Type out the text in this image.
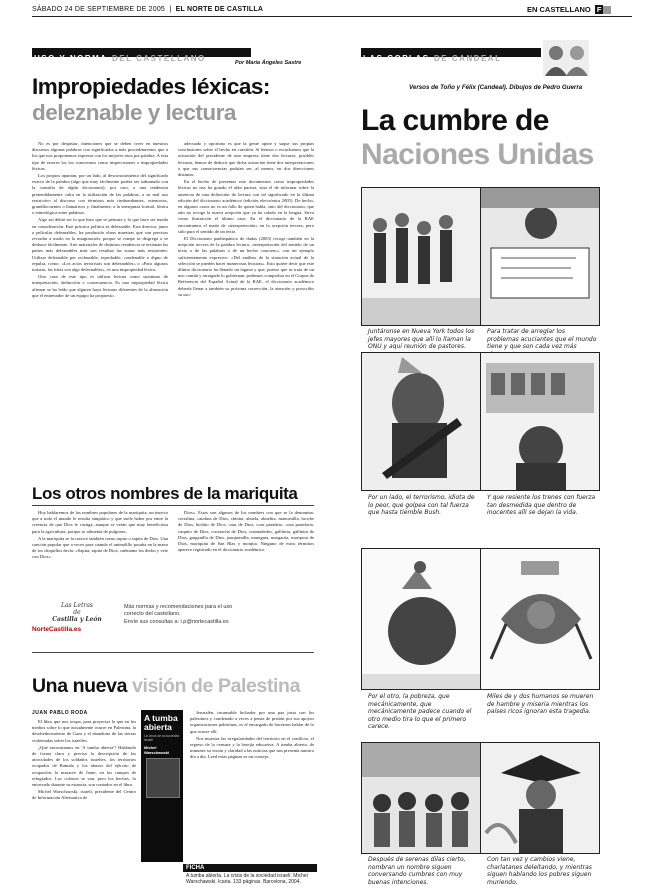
SÁBADO 24 DE SEPTIEMBRE DE 2005  |  EL NORTE DE CASTILLA	EN CASTELLANO F
USO Y NORMA DEL CASTELLANO	Por María Ángeles Sastre
Impropiedades léxicas:
deleznable y lectura

No es por despistar, intenciones que se deben creer en nuestros discursos algunas palabras con significados a más procedimientos que a los que nos proponemos expresar con los mejores usos por palabra. A esta tipo de errores los los conocemos como imprecisiones o impropiedades léxicas.

Los propios apuntan, por un lado, al desconocimiento del significado exacto de la palabra (algo que muy fácilmente podría ser subsanado con la consulta de algún diccionario); por otro, a una tendencia pretendidamente culta en la utilización de las palabras, a su mal uso restrictivo al discurso con términos más rimbombantes, ostentosos, grandilocuentes o llamativos y, finalmente, a la semejanza formal, fónica o etimológica entre palabras.

Algo así debió ser lo que hizo que se pensara y lo que hace ser tenida en consideración. Este práctica política es deleznable. Este director, junto a películas deleznables, ha producido obras maestras que son precisas recordar a modo en la imaginación, porque se rompe se disgrega o se deshace fácilmente. Arte materiales de distintos residencia se ersionan las partes más deleznables más son resultan las zonas más resistentes. Utilizar deleznable por rechazable, reprobable, condenable o digno de repulsa, como: «Los actos terroristas son deleznables» o «Para algunos turistas, las fritas son algo deleznables», es una impropiedad léxica.

Otro caso de este tipo es utilizar lectura como sinónimo de interpretación, deducción o consecuencia. Es una impropiedad léxica afirmar se ha leído que alguien haya lecturas diferentes de la alineación que el entrenador de un equipo ha propuesto.

adecuado y oportuno es que la gente opine y saque sus propias conclusiones sobre el hecho en cuestión. Si leemos o escuchamos que la actuación del presidente de una empresa tiene dos lecturas, posibles lecturas, hemos de deducir que dicha actuación tiene dos interpretaciones o que sus consecuencias podrían ser, al menos, en dos direcciones distintas.

En el hecho de presentar este documentos como impropiedades léxicas no nos ha guiado el afán purista, sino el de informar sobre la ausencia de una definición de lectura con tal significado en la última edición del diccionario académico (edición electrónica 2005). De hecho, en algunos casos no es un fallo de quien habla, sino del diccionario, que aún no recoge la nueva acepción que ya ha calado en la lengua. Sirva como ilustración el último caso: En el diccionario de la RAE encontramos el matiz de «interpretación» en la acepción tercera, pero sólo para el sentido de un texto.

El Diccionario panhispánico de dudas (2005) recoge también en la acepción tercera de la palabra lectura, «interpretación del sentido de un texto o de las palabras o de un hecho concreto», con un ejemplo suficientemente expresivo: «Del análisis de la situación actual de la selección se pueden hacer numerosas lecturas». Esto quiere decir que este último diccionario ha llenado un laguna y que, puesto que se trata de un uso común y arraigado lo gobiernan, podemos comprobar en el Corpus de Referencia del Español Actual de la RAE, el diccionario académico debería llenar a también su próxima corrección, la atención y proscribir su uso.

Los otros nombres de la mariquita

Hoy hablaremos de los nombres populares de la mariquita, un insecto que a todo el mundo le resulta simpático y que suele haber por entre la creencia de que Dios le castiga, aunque se verán que muy beneficiosa para la agricultura, porque se alimenta de pulgones.

A la mariquita se la conoce también como sapito o sapita de Dios. Una canción popular que a veces para cuando el animalillo posaba en la mano de los chiquillos decía: «Sapita, sapita de Dios, cuéntame los dedos y vete con Dios».

Dios». Estos son algunos de los nombres con que se la denomina: corralina, catalina de Dios, chinita, abuela, abuelita, mancanilla, broche de Dios, bichito de Dios, casa de Dios, cosa paradero, cosa paradoria, cuquito de Dios, cucaracha de Dios, cuentadedos, gallinita, gallinita de Dios, garganilla de Dios, juanjuanilla, maragata, margarita, mariposa de Dios, mariquita de San Blas y monjita. Ninguno de estos términos aparece registrado en el diccionario académico.

Las Letras
de
Castilla y León
NorteCastilla.es
Más normas y recomendaciones para el uso
correcto del castellano.
Envíe sus consultas a: l.p@nortecastilla.es
Una nueva visión de Palestina
JUAN PABLO RODA

El libro que nos ocupa, para proyectar lo que en los medios sobre lo que actualmente ocurre en Palestina, la desobedecimiento de Gaza y el abandono de las tierras violentadas sobre los israelíes.

¿Qué encontramos en 'A tumba abierta'? Hablando de forma clara y precisa la descripción de las atrocidades de los soldados israelíes, los territorios ocupados de Ramala y los abusos del ejército de ocupación, la masacre de Jenin, en los campos de refugiados. Los colonos se van, pero los hechos, lo encerrado durante su estancia, son contados en el libro.

Michel Warschawski, israelí, presidente del Centro de Información Alternativa de

A tumba abierta
La crisis de la sociedad israelí
Michel Warschawski

Jerusalén, incansable luchador por una paz justa con los palestinos y condenado a veces a penas de prisión por sus apoyos organizaciones palestinas, es el encargado de hacernos hablar de lo que ocurre allí.

Nos muestra las irregularidades del territorio en el conflicto, el regreso de la censura y la herejía educativa. A tumba abierta, de inmunes su visión y claridad a las noticias que nos presenta nuestro día a día. Leed estas páginas es un consejo.

FICHA
A tumba abierta. La crisis de la sociedad israelí. Michel Warschawski. Icaria. 133 páginas. Barcelona, 2004.
LAS COPLAS DE CANDEAL
Versos de Toño y Félix (Candeal). Dibujos de Pedro Guerra
La cumbre de
Naciones Unidas
Juntáronse en Nueva York todos los jefes mayores que allí lo llaman la ONU y aquí reunión de pastores.
Para tratar de arreglar los problemas acuciantes que el mundo tiene y que son cada vez más
Por un lado, el terrorismo, idiota de lo peor, que golpea con tal fuerza que hasta tiemble Bush.
Y que resiente los trenes con fuerza tan desmedida que dentro de inocentes allí se dejan la vida.
Por el otro, la pobreza, que mecánicamente, que mecánicamente padece cuando el otro medio tira lo que el primero carece.
Miles de y dos humanos se mueren de hambre y miseria mientras los países ricos ignoran esta tragedia.
Después de serenas dilas cierto, nombran un nombre siguen conversando cumbres con muy buenas intenciones.
Con tan vez y cambios viene, charlatanes deleitando, y mientras siguen hablando los pobres siguen muriendo.
